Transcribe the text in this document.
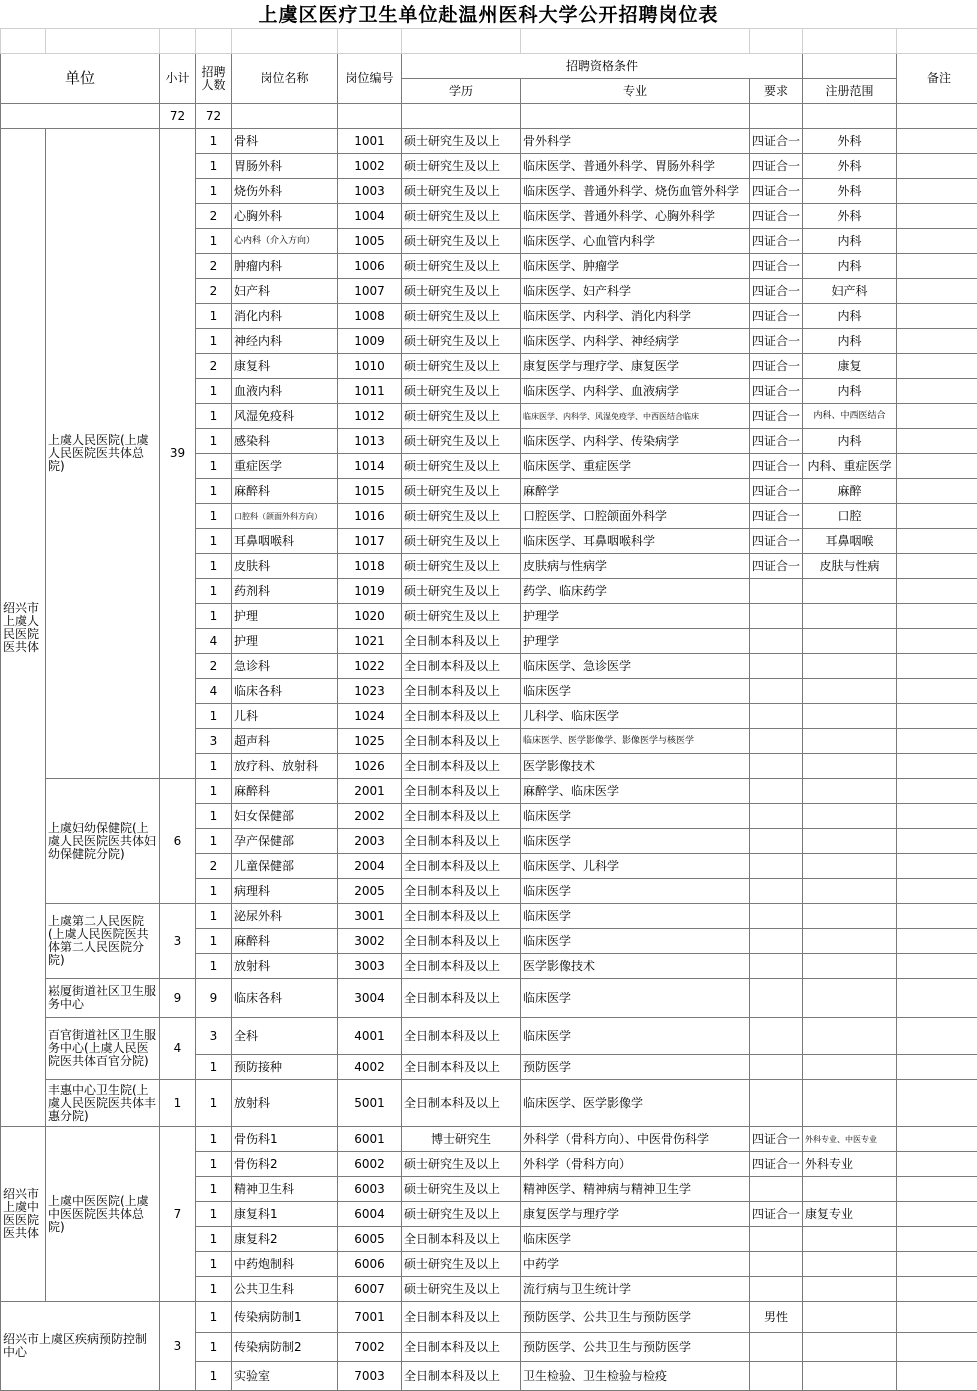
上虞区医疗卫生单位赴温州医科大学公开招聘岗位表

单位		小计	招聘人数	岗位名称	岗位编号	招聘资格条件				备注
						学历	专业	要求	注册范围	
		72	72							
绍兴市上虞人民医院医共体	上虞人民医院(上虞人民医院医共体总院)	39	1	骨科	1001	硕士研究生及以上	骨外科学	四证合一	外科	
			1	胃肠外科	1002	硕士研究生及以上	临床医学、普通外科学、胃肠外科学	四证合一	外科	
			1	烧伤外科	1003	硕士研究生及以上	临床医学、普通外科学、烧伤血管外科学	四证合一	外科	
			2	心胸外科	1004	硕士研究生及以上	临床医学、普通外科学、心胸外科学	四证合一	外科	
			1	心内科（介入方向）	1005	硕士研究生及以上	临床医学、心血管内科学	四证合一	内科	
			2	肿瘤内科	1006	硕士研究生及以上	临床医学、肿瘤学	四证合一	内科	
			2	妇产科	1007	硕士研究生及以上	临床医学、妇产科学	四证合一	妇产科	
			1	消化内科	1008	硕士研究生及以上	临床医学、内科学、消化内科学	四证合一	内科	
			1	神经内科	1009	硕士研究生及以上	临床医学、内科学、神经病学	四证合一	内科	
			2	康复科	1010	硕士研究生及以上	康复医学与理疗学、康复医学	四证合一	康复	
			1	血液内科	1011	硕士研究生及以上	临床医学、内科学、血液病学	四证合一	内科	
			1	风湿免疫科	1012	硕士研究生及以上	临床医学、内科学、风湿免疫学、中西医结合临床	四证合一	内科、中西医结合	
			1	感染科	1013	硕士研究生及以上	临床医学、内科学、传染病学	四证合一	内科	
			1	重症医学	1014	硕士研究生及以上	临床医学、重症医学	四证合一	内科、重症医学	
			1	麻醉科	1015	硕士研究生及以上	麻醉学	四证合一	麻醉	
			1	口腔科（颌面外科方向）	1016	硕士研究生及以上	口腔医学、口腔颌面外科学	四证合一	口腔	
			1	耳鼻咽喉科	1017	硕士研究生及以上	临床医学、耳鼻咽喉科学	四证合一	耳鼻咽喉	
			1	皮肤科	1018	硕士研究生及以上	皮肤病与性病学	四证合一	皮肤与性病	
			1	药剂科	1019	硕士研究生及以上	药学、临床药学			
			1	护理	1020	硕士研究生及以上	护理学			
			4	护理	1021	全日制本科及以上	护理学			
			2	急诊科	1022	全日制本科及以上	临床医学、急诊医学			
			4	临床各科	1023	全日制本科及以上	临床医学			
			1	儿科	1024	全日制本科及以上	儿科学、临床医学			
			3	超声科	1025	全日制本科及以上	临床医学、医学影像学、影像医学与核医学			
			1	放疗科、放射科	1026	全日制本科及以上	医学影像技术			
	上虞妇幼保健院(上虞人民医院医共体妇幼保健院分院)	6	1	麻醉科	2001	全日制本科及以上	麻醉学、临床医学			
			1	妇女保健部	2002	全日制本科及以上	临床医学			
			1	孕产保健部	2003	全日制本科及以上	临床医学			
			2	儿童保健部	2004	全日制本科及以上	临床医学、儿科学			
			1	病理科	2005	全日制本科及以上	临床医学			
	上虞第二人民医院(上虞人民医院医共体第二人民医院分院)	3	1	泌尿外科	3001	全日制本科及以上	临床医学			
			1	麻醉科	3002	全日制本科及以上	临床医学			
			1	放射科	3003	全日制本科及以上	医学影像技术			
	崧厦街道社区卫生服务中心	9	9	临床各科	3004	全日制本科及以上	临床医学			
	百官街道社区卫生服务中心(上虞人民医院医共体百官分院)	4	3	全科	4001	全日制本科及以上	临床医学			
			1	预防接种	4002	全日制本科及以上	预防医学			
	丰惠中心卫生院(上虞人民医院医共体丰惠分院)	1	1	放射科	5001	全日制本科及以上	临床医学、医学影像学			
绍兴市上虞中医医院医共体	上虞中医医院(上虞中医医院医共体总院)	7	1	骨伤科1	6001	博士研究生	外科学（骨科方向）、中医骨伤科学	四证合一	外科专业、中医专业	
			1	骨伤科2	6002	硕士研究生及以上	外科学（骨科方向）	四证合一	外科专业	
			1	精神卫生科	6003	硕士研究生及以上	精神医学、精神病与精神卫生学			
			1	康复科1	6004	硕士研究生及以上	康复医学与理疗学	四证合一	康复专业	
			1	康复科2	6005	全日制本科及以上	临床医学			
			1	中药炮制科	6006	硕士研究生及以上	中药学			
			1	公共卫生科	6007	硕士研究生及以上	流行病与卫生统计学			
绍兴市上虞区疾病预防控制中心		3	1	传染病防制1	7001	全日制本科及以上	预防医学、公共卫生与预防医学	男性		
			1	传染病防制2	7002	全日制本科及以上	预防医学、公共卫生与预防医学			
			1	实验室	7003	全日制本科及以上	卫生检验、卫生检验与检疫			
